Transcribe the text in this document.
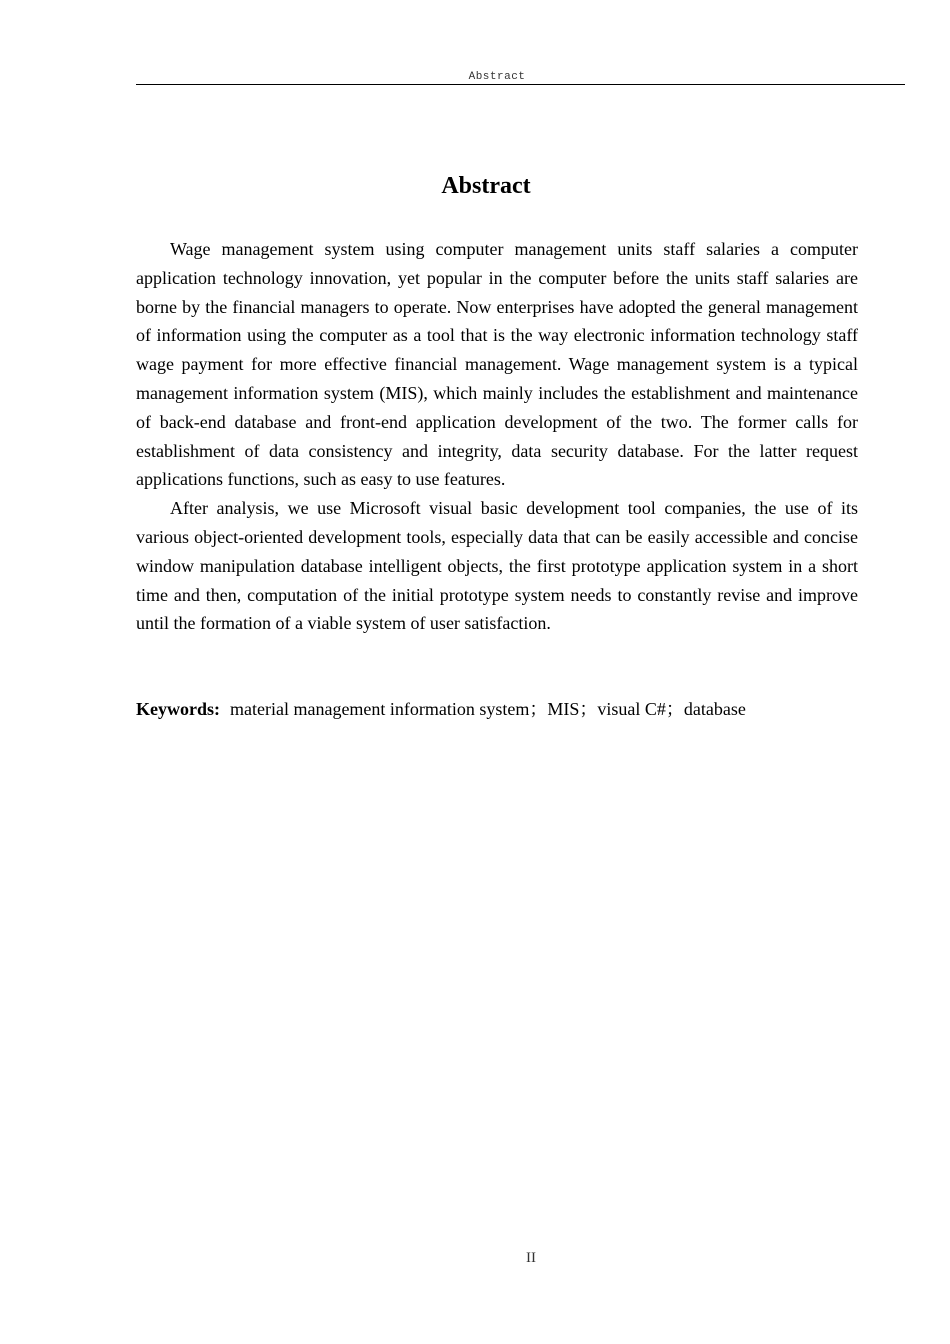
Abstract
Abstract

Wage management system using computer management units staff salaries a computer application technology innovation, yet popular in the computer before the units staff salaries are borne by the financial managers to operate. Now enterprises have adopted the general management of information using the computer as a tool that is the way electronic information technology staff wage payment for more effective financial management. Wage management system is a typical management information system (MIS), which mainly includes the establishment and maintenance of back-end database and front-end application development of the two. The former calls for establishment of data consistency and integrity, data security database. For the latter request applications functions, such as easy to use features.

After analysis, we use Microsoft visual basic development tool companies, the use of its various object-oriented development tools, especially data that can be easily accessible and concise window manipulation database intelligent objects, the first prototype application system in a short time and then, computation of the initial prototype system needs to constantly revise and improve until the formation of a viable system of user satisfaction.

Keywords: material management information system；MIS；visual C#；database
II
